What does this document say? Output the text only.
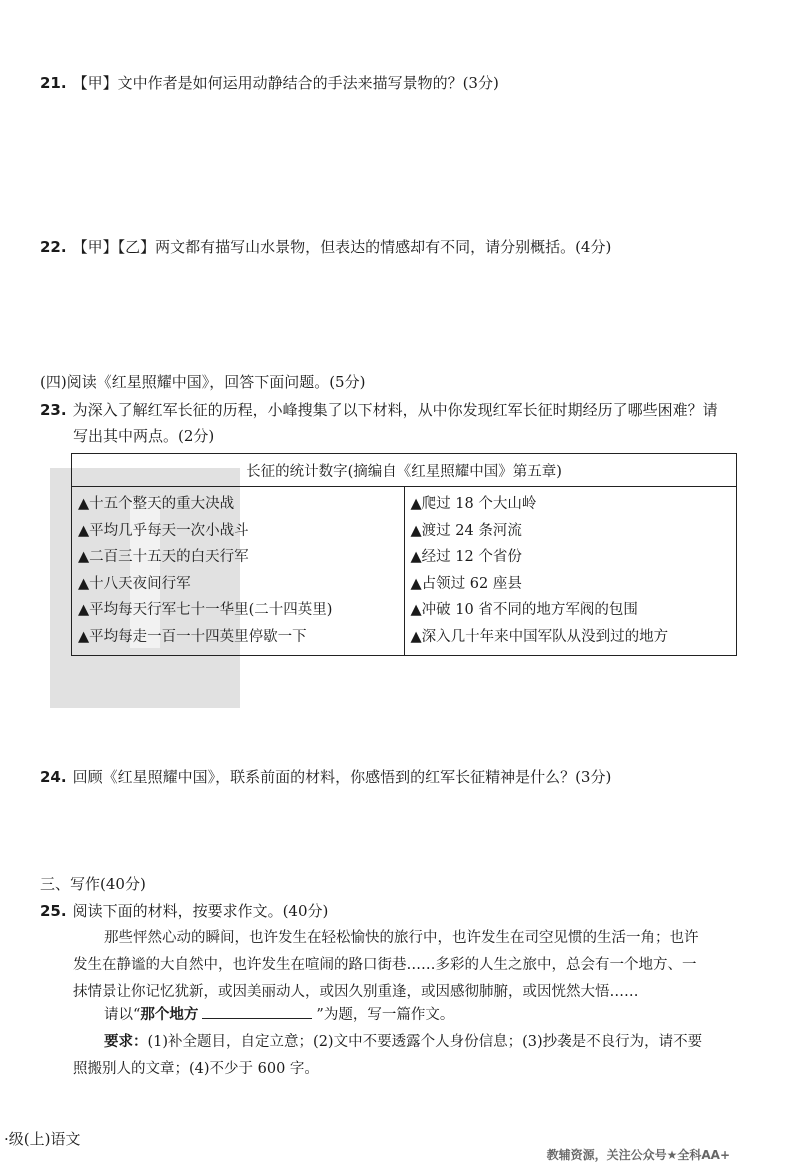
21. 【甲】文中作者是如何运用动静结合的手法来描写景物的？(3分)
22. 【甲】【乙】两文都有描写山水景物，但表达的情感却有不同，请分别概括。(4分)
(四)阅读《红星照耀中国》，回答下面问题。(5分)
23. 为深入了解红军长征的历程，小峰搜集了以下材料，从中你发现红军长征时期经历了哪些困难？请
写出其中两点。(2分)
长征的统计数字(摘编自《红星照耀中国》第五章)

▲十五个整天的重大决战
▲平均几乎每天一次小战斗
▲二百三十五天的白天行军
▲十八天夜间行军
▲平均每天行军七十一华里(二十四英里)
▲平均每走一百一十四英里停歇一下

▲爬过 18 个大山岭
▲渡过 24 条河流
▲经过 12 个省份
▲占领过 62 座县
▲冲破 10 省不同的地方军阀的包围
▲深入几十年来中国军队从没到过的地方
24. 回顾《红星照耀中国》，联系前面的材料，你感悟到的红军长征精神是什么？(3分)
三、写作(40分)
25. 阅读下面的材料，按要求作文。(40分)
那些怦然心动的瞬间，也许发生在轻松愉快的旅行中，也许发生在司空见惯的生活一角；也许
发生在静谧的大自然中，也许发生在喧闹的路口街巷……多彩的人生之旅中，总会有一个地方、一
抹情景让你记忆犹新，或因美丽动人，或因久别重逢，或因感彻肺腑，或因恍然大悟……
请以“那个地方	”为题，写一篇作文。
要求：(1)补全题目，自定立意；(2)文中不要透露个人身份信息；(3)抄袭是不良行为，请不要
照搬别人的文章；(4)不少于 600 字。
·级(上)语文
教辅资源，关注公众号★全科AA+
